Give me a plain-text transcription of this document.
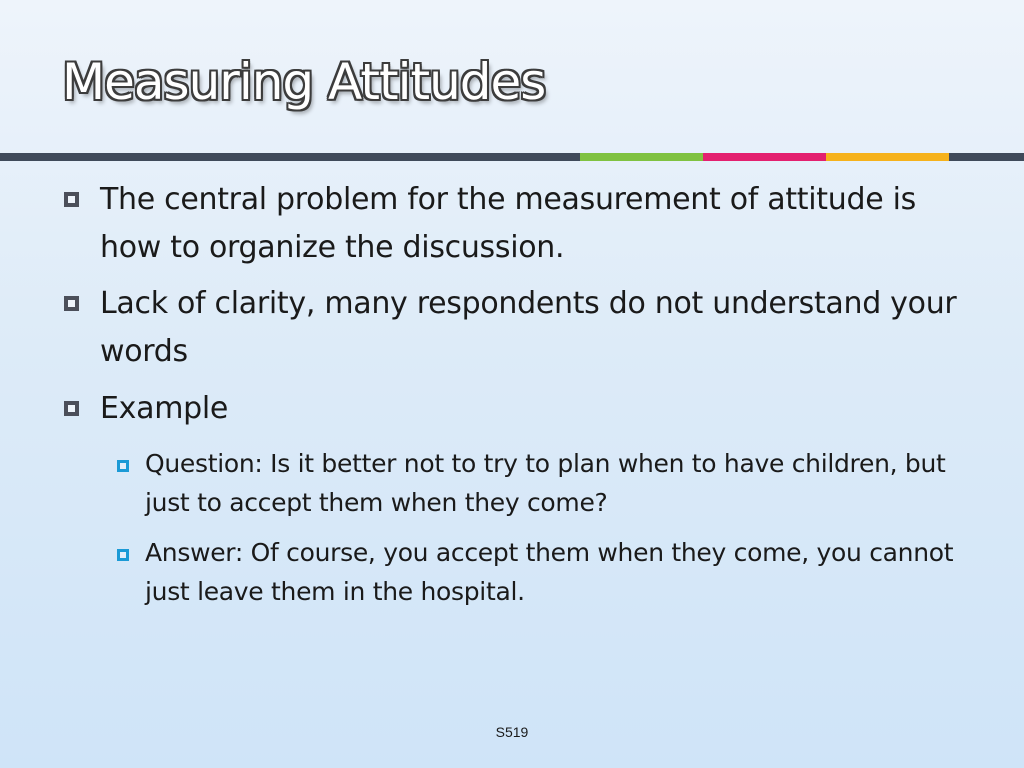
Measuring Attitudes
The central problem for the measurement of attitude is how to organize the discussion.
Lack of clarity, many respondents do not understand your words
Example
Question: Is it better not to try to plan when to have children, but just to accept them when they come?
Answer: Of course, you accept them when they come, you cannot just leave them in the hospital.
S519
